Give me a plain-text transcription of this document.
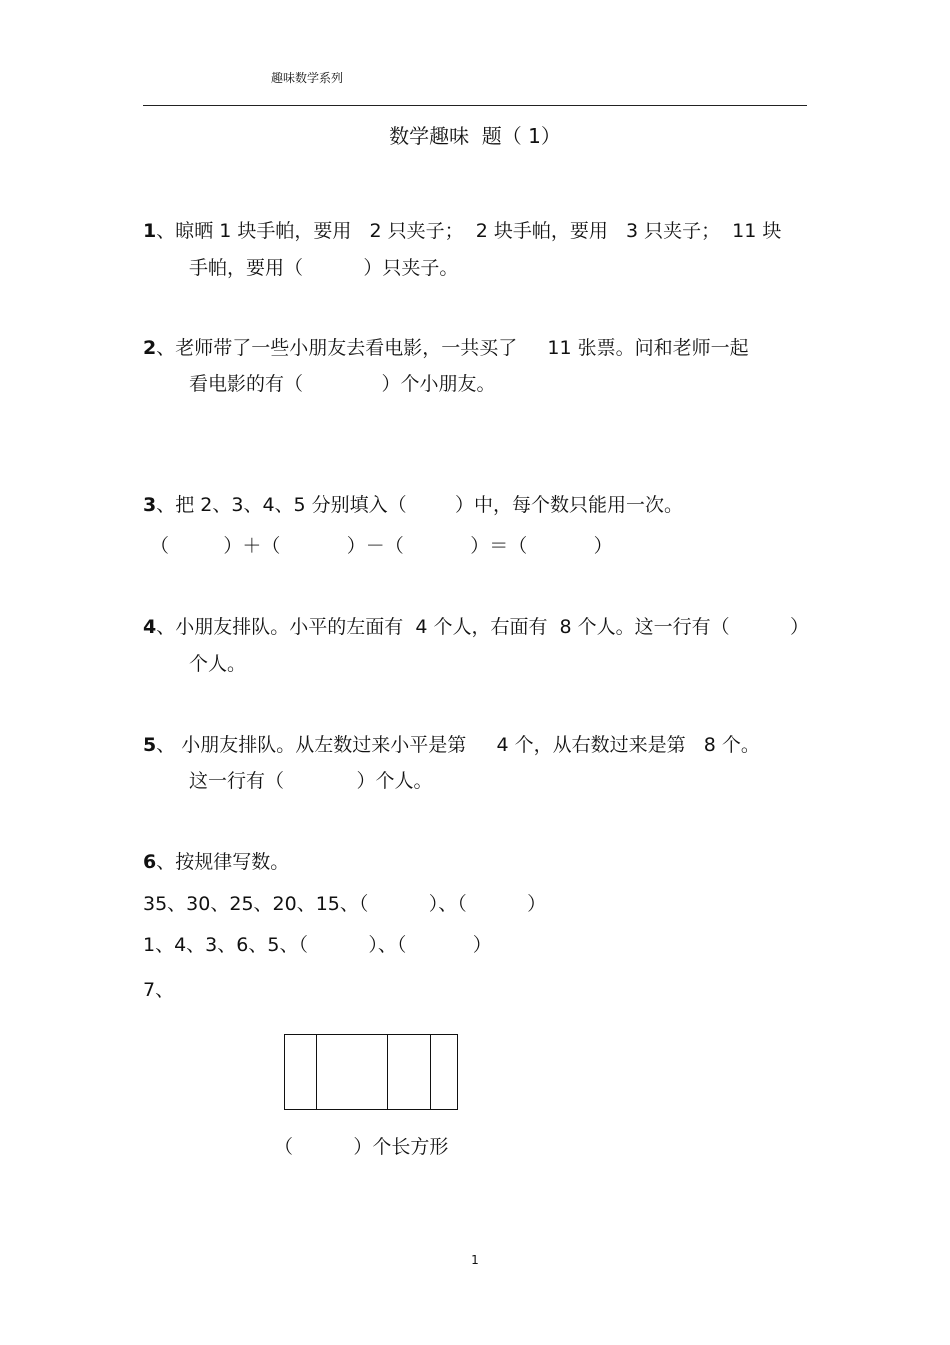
趣味数学系列
数学趣味  题（ 1）
1、晾晒 1 块手帕，要用   2 只夹子；  2 块手帕，要用   3 只夹子；  11 块
手帕，要用（          ）只夹子。
2、老师带了一些小朋友去看电影，一共买了     11 张票。问和老师一起
看电影的有（             ）个小朋友。
3、把 2、3、4、5 分别填入（        ）中，每个数只能用一次。
（         ）＋（           ）－（           ）＝（           ）
4、小朋友排队。小平的左面有  4 个人，右面有  8 个人。这一行有（          ）
个人。
5、 小朋友排队。从左数过来小平是第     4 个，从右数过来是第   8 个。
这一行有（            ）个人。
6、按规律写数。
35、30、25、20、15、（          ）、（          ）
1、4、3、6、5、（          ）、（           ）
7、
（          ）个长方形
1
